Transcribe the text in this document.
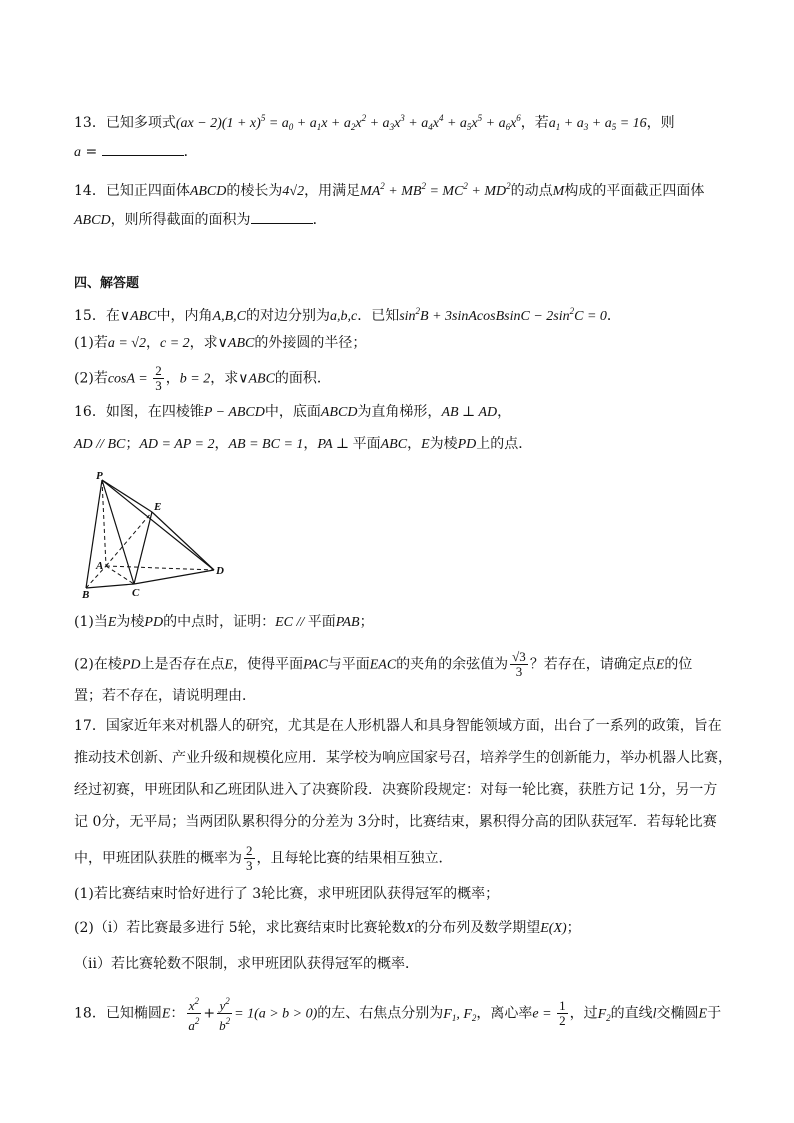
13．已知多项式$(ax - 2)(1 + x)^5 = a_0 + a_1x + a_2x^2 + a_3x^3 + a_4x^4 + a_5x^5 + a_6x^6$，若$a_1 + a_3 + a_5 = 16$，则
a =	．
14．已知正四面体ABCD的棱长为4√2，用满足$MA^2 + MB^2 = MC^2 + MD^2$的动点M构成的平面截正四面体
ABCD，则所得截面的面积为	．
四、解答题
15．在∨ABC中，内角A,B,C的对边分别为a,b,c．已知$\sin^2B$ + 3sinAcosBsinC − $2\sin^2C = 0$．
(1)若a = √2，c = 2，求∨ABC的外接圆的半径；
(2)若$\cos A = \frac{2}{3}$ ，b = 2，求∨ABC的面积．
16．如图，在四棱锥P − ABCD中，底面ABCD为直角梯形，AB ⊥ AD，
AD // BC；AD = AP = 2，AB = BC = 1，PA ⊥ 平面ABC，E为棱PD上的点．
P
E
A
B	C
D
(1)当E为棱PD的中点时，证明：EC // 平面PAB；
(2)在棱PD上是否存在点E，使得平面PAC与平面EAC的夹角的余弦值为 $\frac{√3}{3}$ ？若存在，请确定点E的位
置；若不存在，请说明理由．
17．国家近年来对机器人的研究，尤其是在人形机器人和具身智能领域方面，出台了一系列的政策，旨在
推动技术创新、产业升级和规模化应用．某学校为响应国家号召，培养学生的创新能力，举办机器人比赛，
经过初赛，甲班团队和乙班团队进入了决赛阶段．决赛阶段规定：对每一轮比赛，获胜方记 1分，另一方
记 0分，无平局；当两团队累积得分的分差为 3分时，比赛结束，累积得分高的团队获冠军．若每轮比赛
中，甲班团队获胜的概率为 $\frac{2}{3}$ ，且每轮比赛的结果相互独立．
(1)若比赛结束时恰好进行了 3轮比赛，求甲班团队获得冠军的概率；
(2)（i）若比赛最多进行 5轮，求比赛结束时比赛轮数X的分布列及数学期望E(X)；
（ii）若比赛轮数不限制，求甲班团队获得冠军的概率．
18．已知椭圆E： $\frac{x^2}{a^2} + \frac{y^2}{b^2} = 1(a > b > 0)$的左、右焦点分别为$F_1$, $F_2$，离心率$e = \frac{1}{2}$ ，过$F_2$的直线l交椭圆E于
